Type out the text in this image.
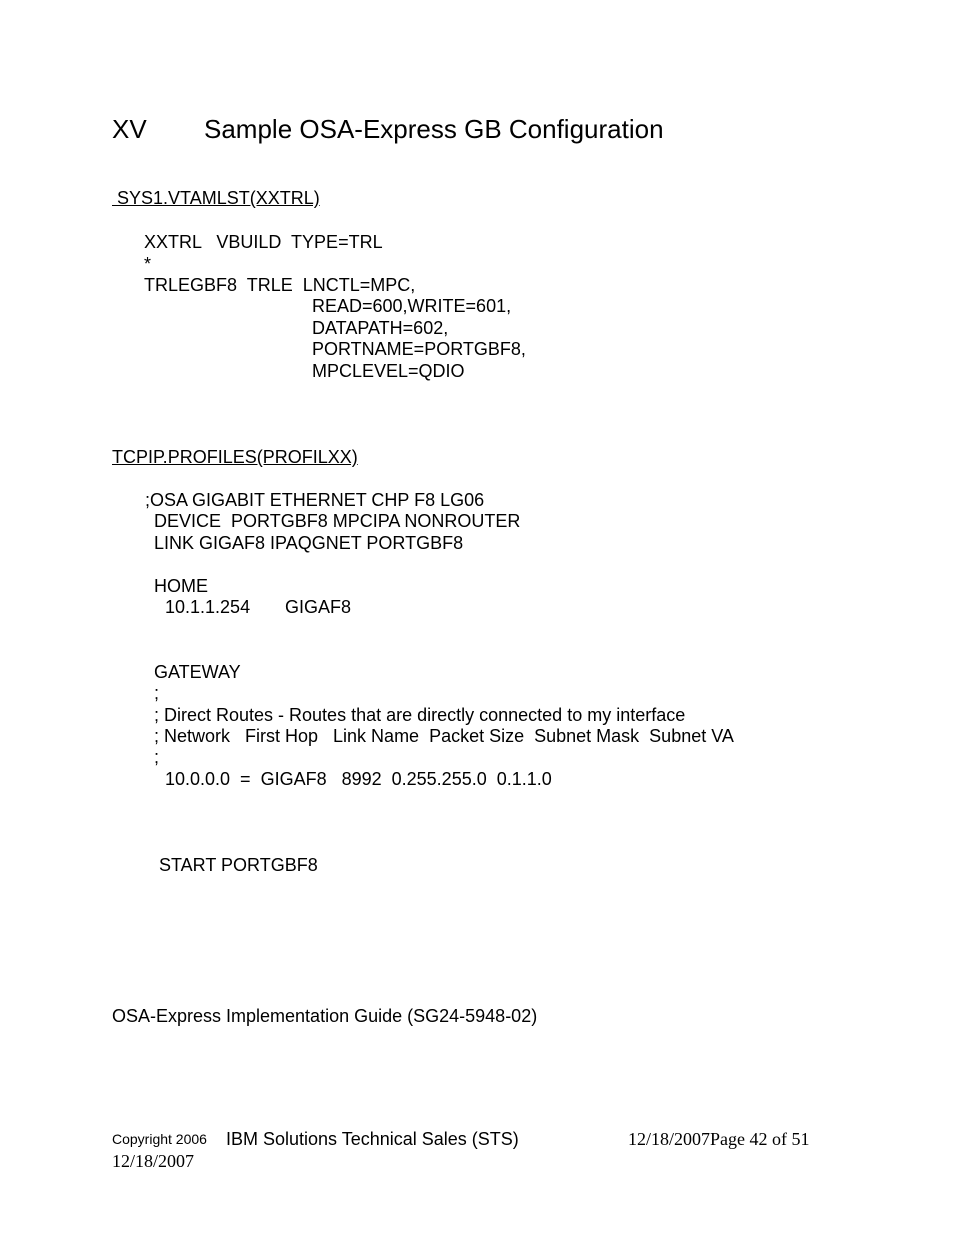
XV Sample OSA-Express GB Configuration
SYS1.VTAMLST(XXTRL)
XXTRL   VBUILD  TYPE=TRL
*
TRLEGBF8  TRLE  LNCTL=MPC,
READ=600,WRITE=601,
DATAPATH=602,
PORTNAME=PORTGBF8,
MPCLEVEL=QDIO
TCPIP.PROFILES(PROFILXX)
;OSA GIGABIT ETHERNET CHP F8 LG06
DEVICE  PORTGBF8 MPCIPA NONROUTER
LINK GIGAF8 IPAQGNET PORTGBF8
HOME
10.1.1.254 GIGAF8
GATEWAY
;
; Direct Routes - Routes that are directly connected to my interface
; Network   First Hop   Link Name  Packet Size  Subnet Mask  Subnet VA
;
10.0.0.0  =  GIGAF8   8992  0.255.255.0  0.1.1.0
START PORTGBF8
OSA-Express Implementation Guide (SG24-5948-02)
Copyright 2006 IBM Solutions Technical Sales (STS)	12/18/2007Page 42 of 51
12/18/2007
